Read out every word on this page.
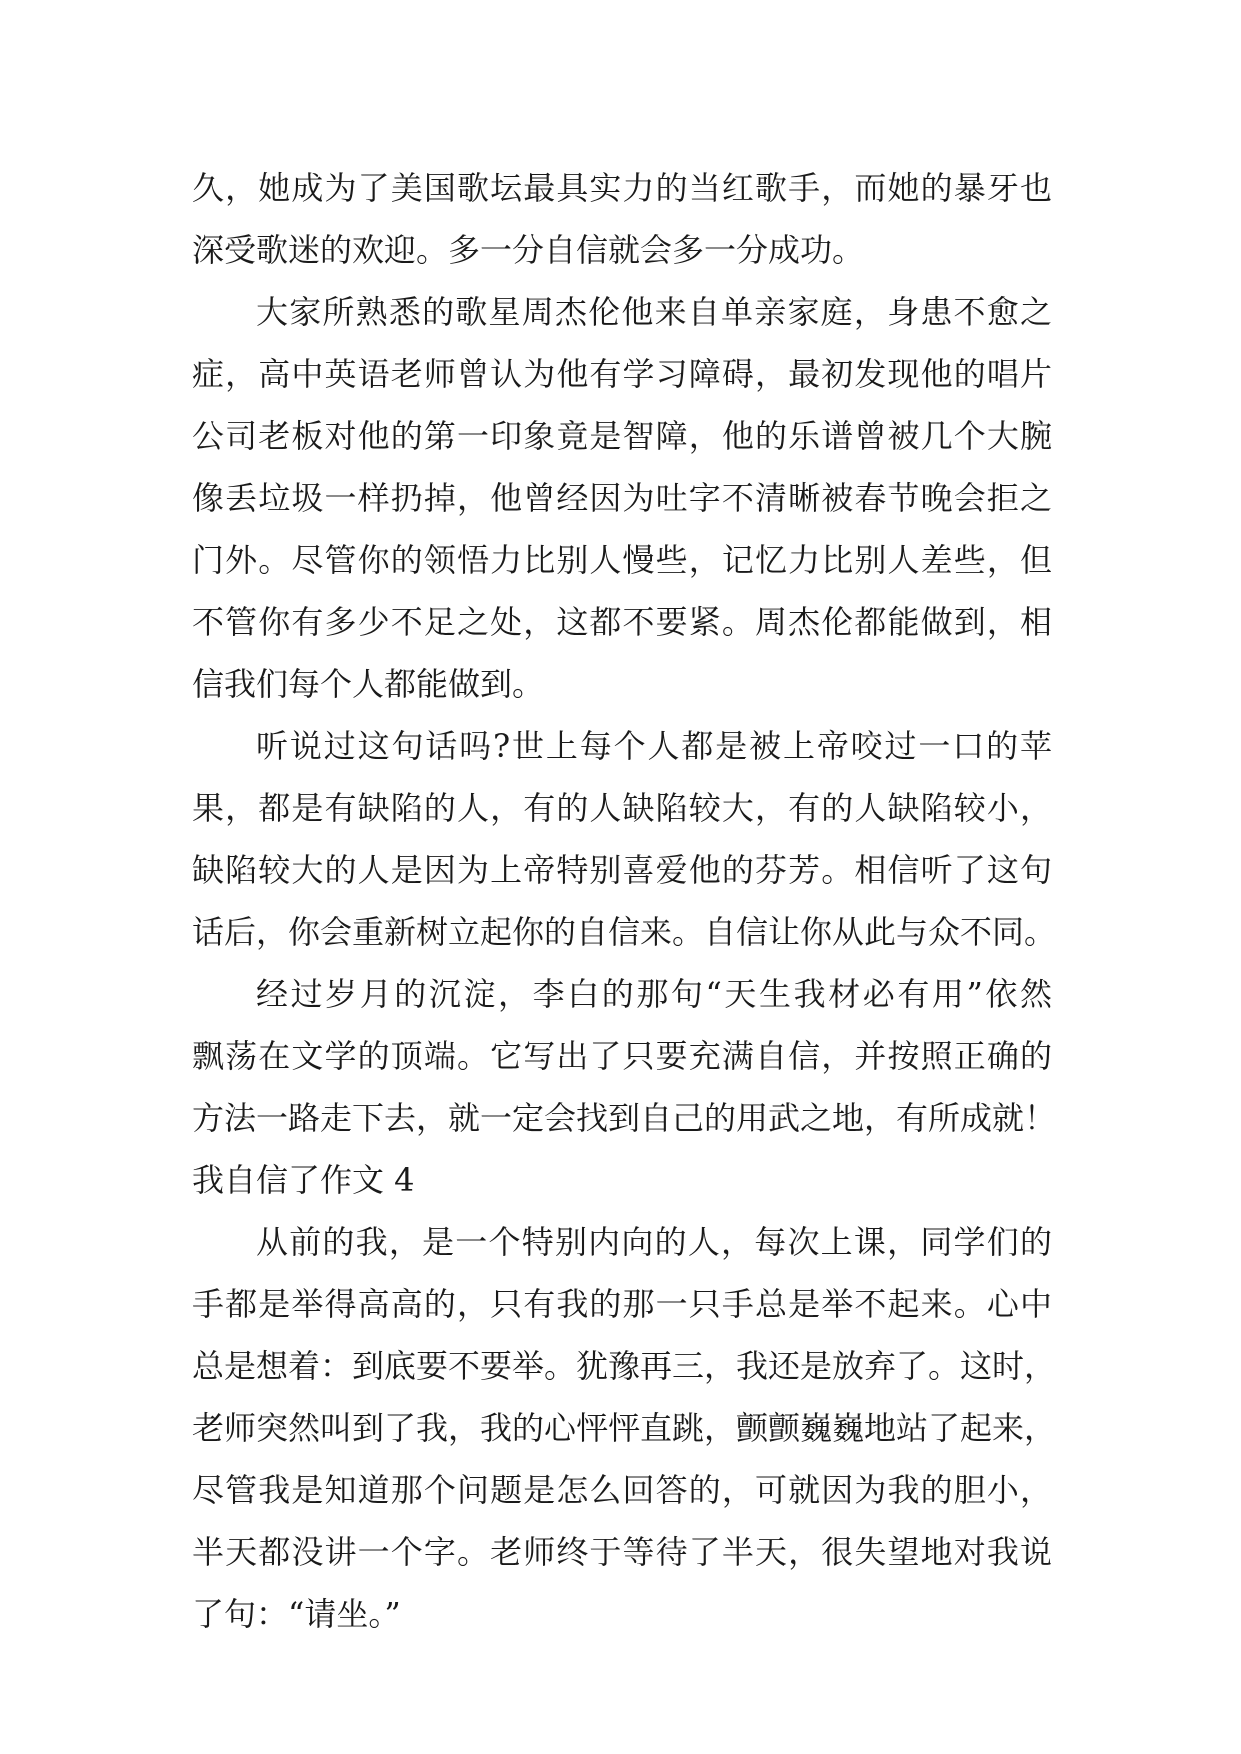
久，她成为了美国歌坛最具实力的当红歌手，而她的暴牙也
深受歌迷的欢迎。多一分自信就会多一分成功。
大家所熟悉的歌星周杰伦他来自单亲家庭，身患不愈之
症，高中英语老师曾认为他有学习障碍，最初发现他的唱片
公司老板对他的第一印象竟是智障，他的乐谱曾被几个大腕
像丢垃圾一样扔掉，他曾经因为吐字不清晰被春节晚会拒之
门外。尽管你的领悟力比别人慢些，记忆力比别人差些，但
不管你有多少不足之处，这都不要紧。周杰伦都能做到，相
信我们每个人都能做到。
听说过这句话吗?世上每个人都是被上帝咬过一口的苹
果，都是有缺陷的人，有的人缺陷较大，有的人缺陷较小，
缺陷较大的人是因为上帝特别喜爱他的芬芳。相信听了这句
话后，你会重新树立起你的自信来。自信让你从此与众不同。
经过岁月的沉淀，李白的那句“天生我材必有用”依然
飘荡在文学的顶端。它写出了只要充满自信，并按照正确的
方法一路走下去，就一定会找到自己的用武之地，有所成就！
我自信了作文 4
从前的我，是一个特别内向的人，每次上课，同学们的
手都是举得高高的，只有我的那一只手总是举不起来。心中
总是想着：到底要不要举。犹豫再三，我还是放弃了。这时，
老师突然叫到了我，我的心怦怦直跳，颤颤巍巍地站了起来，
尽管我是知道那个问题是怎么回答的，可就因为我的胆小，
半天都没讲一个字。老师终于等待了半天，很失望地对我说
了句：“请坐。”
